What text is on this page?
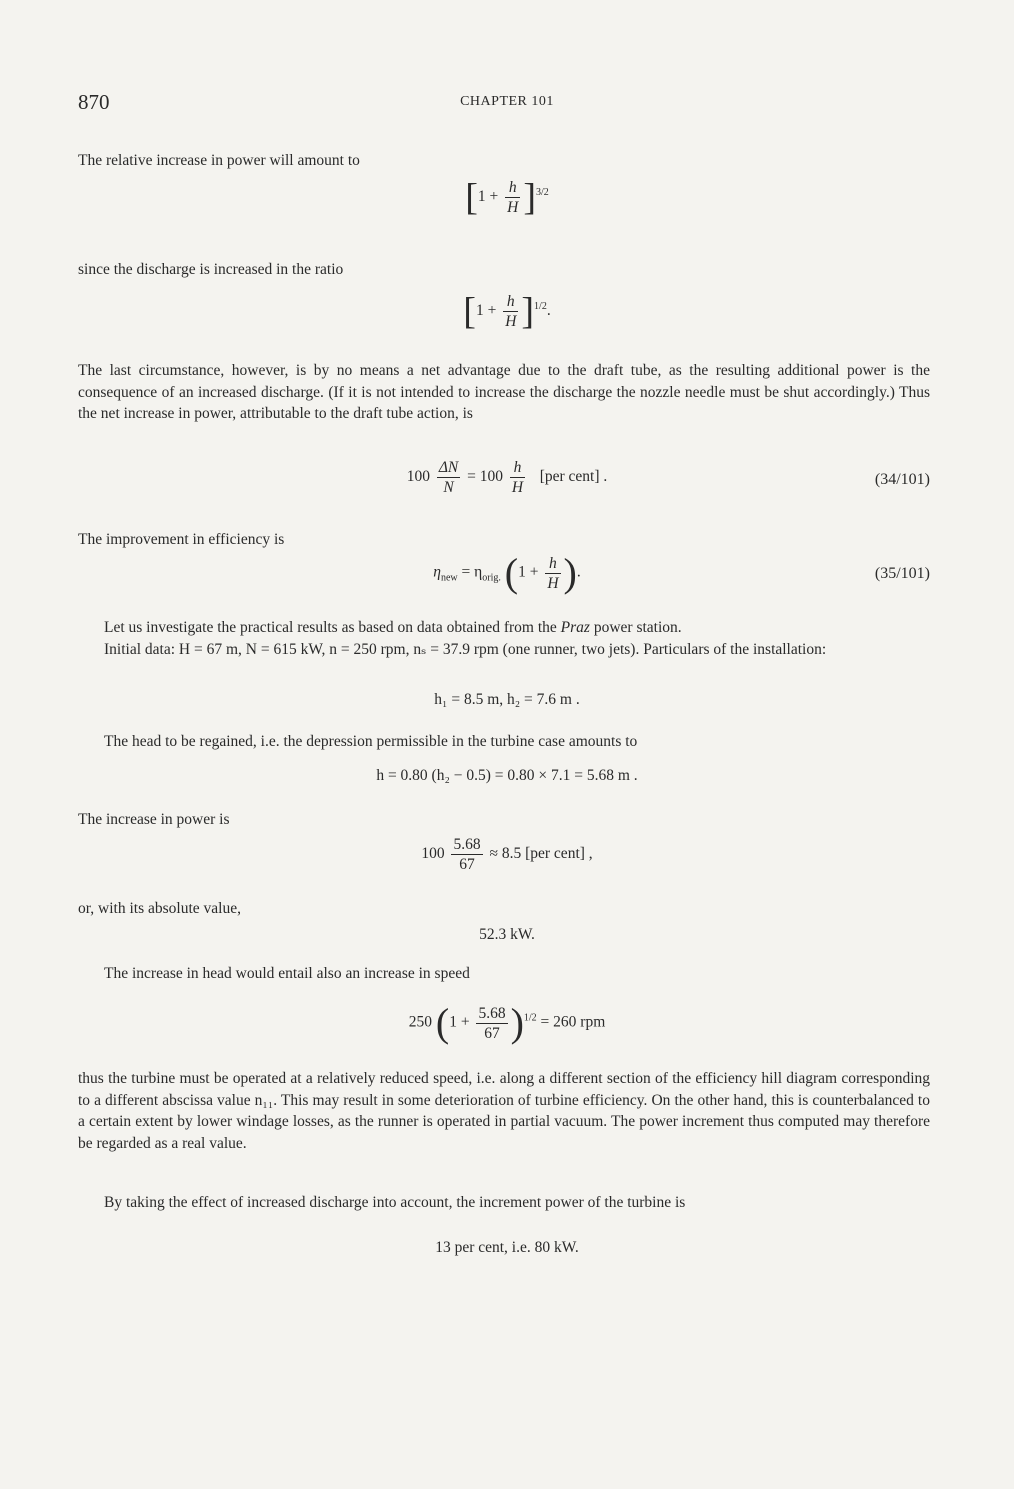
870	CHAPTER 101
The relative increase in power will amount to
$[1 + \frac{h}{H} ]^{3/2}$
since the discharge is increased in the ratio
$[1 + \frac{h}{H} ]^{1/2}$.
The last circumstance, however, is by no means a net advantage due to the draft tube, as the resulting additional power is the consequence of an increased discharge. (If it is not intended to increase the discharge the nozzle needle must be shut accordingly.) Thus the net increase in power, attributable to the draft tube action, is
$100 \frac{\Delta N}{N} = 100 \frac{h}{H} [per$ cent] .	(34/101)
The improvement in efficiency is
$\eta_{new} = \eta_{orig.}$ ($1 + \frac{h}{H}$ ).	(35/101)
Let us investigate the practical results as based on data obtained from the Praz power station.
Initial data: H = 67 m, N = 615 kW, n = 250 rpm, nₛ = 37.9 rpm (one runner, two jets). Particulars of the installation:
h₁ = 8.5 m, h₂ = 7.6 m .
The head to be regained, i.e. the depression permissible in the turbine case amounts to
h = 0.80 (h₂ − 0.5) = 0.80 × 7.1 = 5.68 m .
The increase in power is
$100 \frac{5.68}{67} \approx 8.5$ [per cent] ,
or, with its absolute value,
52.3 kW.
The increase in head would entail also an increase in speed
250 $(1 + \frac{5.68}{67} )^{1/2} = 260$ rpm
thus the turbine must be operated at a relatively reduced speed, i.e. along a different section of the efficiency hill diagram corresponding to a different abscissa value n₁₁. This may result in some deterioration of turbine efficiency. On the other hand, this is counterbalanced to a certain extent by lower windage losses, as the runner is operated in partial vacuum. The power increment thus computed may therefore be regarded as a real value.
By taking the effect of increased discharge into account, the increment power of the turbine is
13 per cent, i.e. 80 kW.
